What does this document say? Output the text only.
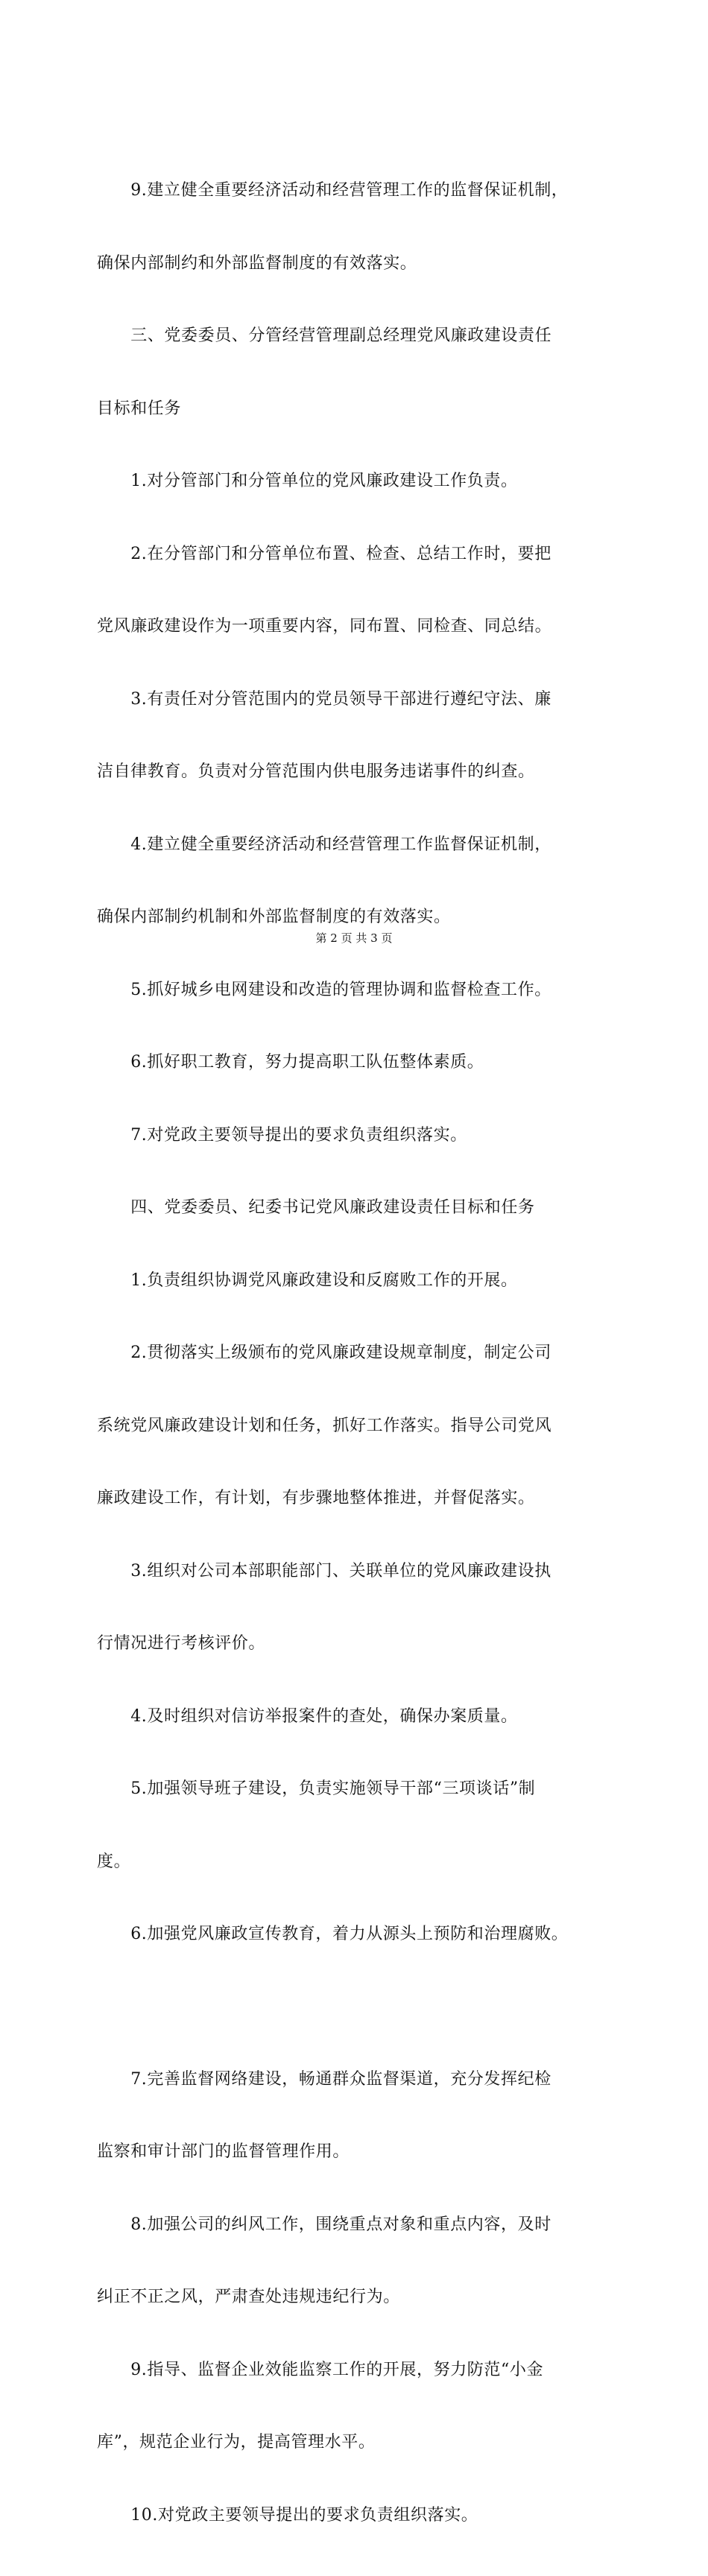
　　9.建立健全重要经济活动和经营管理工作的监督保证机制，

确保内部制约和外部监督制度的有效落实。

　　三、党委委员、分管经营管理副总经理党风廉政建设责任

目标和任务

　　1.对分管部门和分管单位的党风廉政建设工作负责。

　　2.在分管部门和分管单位布置、检查、总结工作时，要把

党风廉政建设作为一项重要内容，同布置、同检查、同总结。

　　3.有责任对分管范围内的党员领导干部进行遵纪守法、廉

洁自律教育。负责对分管范围内供电服务违诺事件的纠查。

　　4.建立健全重要经济活动和经营管理工作监督保证机制，

确保内部制约机制和外部监督制度的有效落实。

　　5.抓好城乡电网建设和改造的管理协调和监督检查工作。

　　6.抓好职工教育，努力提高职工队伍整体素质。

　　7.对党政主要领导提出的要求负责组织落实。

　　四、党委委员、纪委书记党风廉政建设责任目标和任务

　　1.负责组织协调党风廉政建设和反腐败工作的开展。

　　2.贯彻落实上级颁布的党风廉政建设规章制度，制定公司

系统党风廉政建设计划和任务，抓好工作落实。指导公司党风

廉政建设工作，有计划，有步骤地整体推进，并督促落实。

　　3.组织对公司本部职能部门、关联单位的党风廉政建设执

行情况进行考核评价。

　　4.及时组织对信访举报案件的查处，确保办案质量。

　　5.加强领导班子建设，负责实施领导干部“三项谈话”制

度。

　　6.加强党风廉政宣传教育，着力从源头上预防和治理腐败。

　　7.完善监督网络建设，畅通群众监督渠道，充分发挥纪检

监察和审计部门的监督管理作用。

　　8.加强公司的纠风工作，围绕重点对象和重点内容，及时

纠正不正之风，严肃查处违规违纪行为。

　　9.指导、监督企业效能监察工作的开展，努力防范“小金

库”，规范企业行为，提高管理水平。

　　10.对党政主要领导提出的要求负责组织落实。

第 2 页 共 3 页
